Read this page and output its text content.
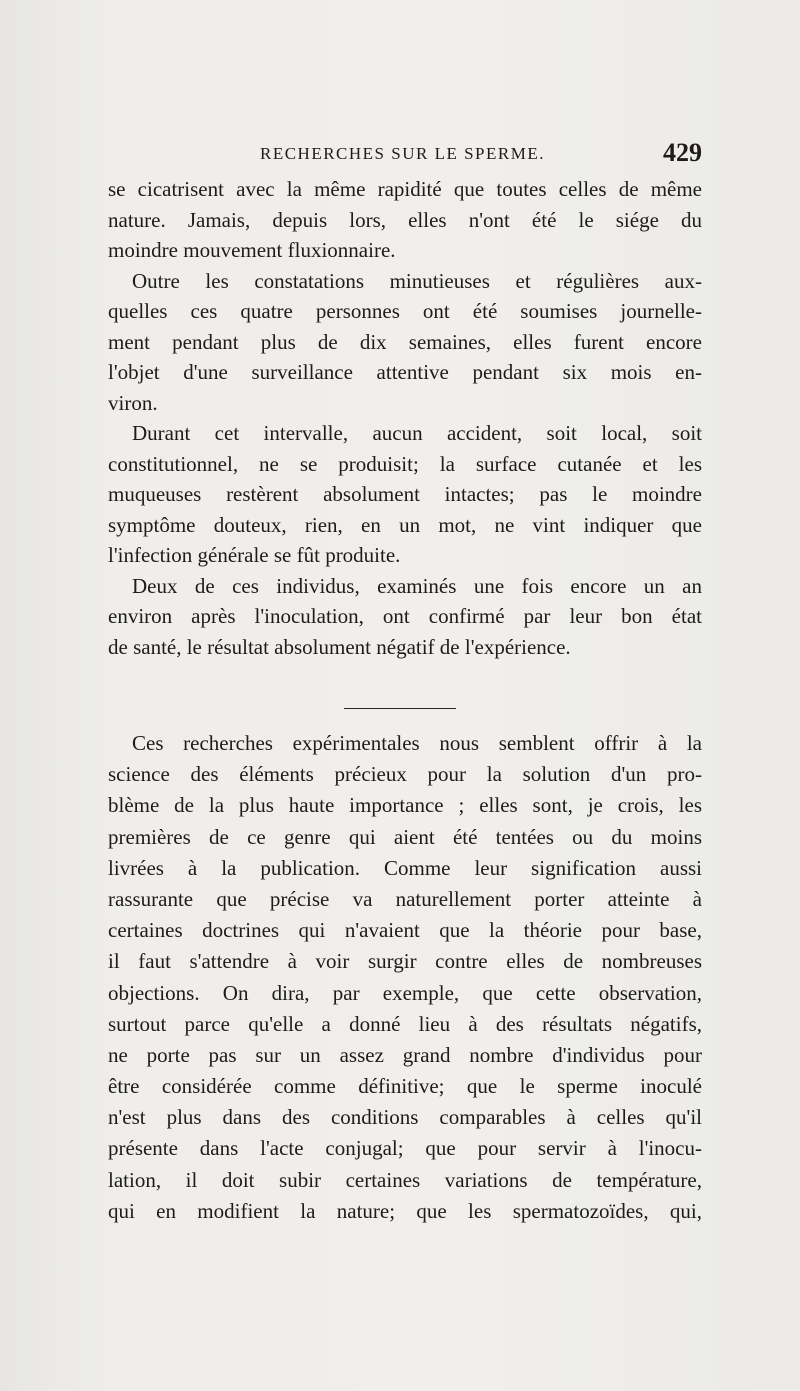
RECHERCHES SUR LE SPERME.	429
se cicatrisent avec la même rapidité que toutes celles de même
nature. Jamais, depuis lors, elles n'ont été le siége du
moindre mouvement fluxionnaire.
Outre les constatations minutieuses et régulières aux-
quelles ces quatre personnes ont été soumises journelle-
ment pendant plus de dix semaines, elles furent encore
l'objet d'une surveillance attentive pendant six mois en-
viron.
Durant cet intervalle, aucun accident, soit local, soit
constitutionnel, ne se produisit; la surface cutanée et les
muqueuses restèrent absolument intactes; pas le moindre
symptôme douteux, rien, en un mot, ne vint indiquer que
l'infection générale se fût produite.
Deux de ces individus, examinés une fois encore un an
environ après l'inoculation, ont confirmé par leur bon état
de santé, le résultat absolument négatif de l'expérience.
Ces recherches expérimentales nous semblent offrir à la
science des éléments précieux pour la solution d'un pro-
blème de la plus haute importance ; elles sont, je crois, les
premières de ce genre qui aient été tentées ou du moins
livrées à la publication. Comme leur signification aussi
rassurante que précise va naturellement porter atteinte à
certaines doctrines qui n'avaient que la théorie pour base,
il faut s'attendre à voir surgir contre elles de nombreuses
objections. On dira, par exemple, que cette observation,
surtout parce qu'elle a donné lieu à des résultats négatifs,
ne porte pas sur un assez grand nombre d'individus pour
être considérée comme définitive; que le sperme inoculé
n'est plus dans des conditions comparables à celles qu'il
présente dans l'acte conjugal; que pour servir à l'inocu-
lation, il doit subir certaines variations de température,
qui en modifient la nature; que les spermatozoïdes, qui,
